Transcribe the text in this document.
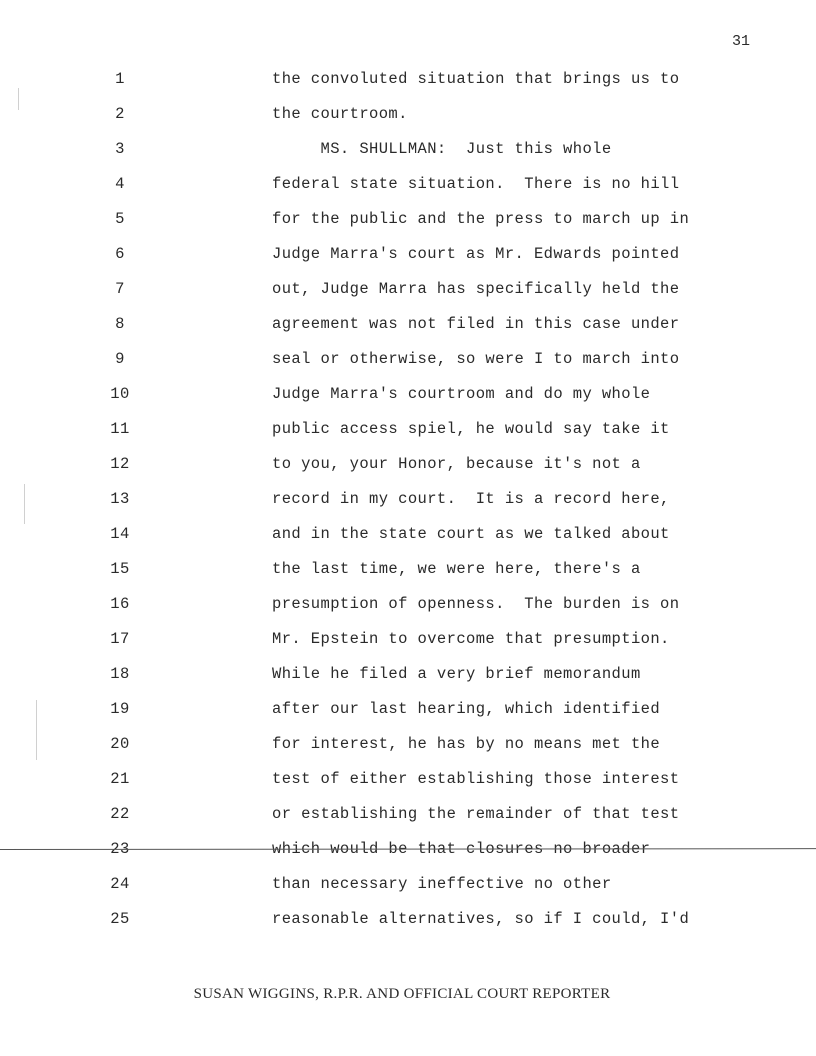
31
1	the convoluted situation that brings us to
2	the courtroom.
3	MS. SHULLMAN:  Just this whole
4	federal state situation.  There is no hill
5	for the public and the press to march up in
6	Judge Marra's court as Mr. Edwards pointed
7	out, Judge Marra has specifically held the
8	agreement was not filed in this case under
9	seal or otherwise, so were I to march into
10	Judge Marra's courtroom and do my whole
11	public access spiel, he would say take it
12	to you, your Honor, because it's not a
13	record in my court.  It is a record here,
14	and in the state court as we talked about
15	the last time, we were here, there's a
16	presumption of openness.  The burden is on
17	Mr. Epstein to overcome that presumption.
18	While he filed a very brief memorandum
19	after our last hearing, which identified
20	for interest, he has by no means met the
21	test of either establishing those interest
22	or establishing the remainder of that test
23	which would be that closures no broader
24	than necessary ineffective no other
25	reasonable alternatives, so if I could, I'd
SUSAN WIGGINS, R.P.R. AND OFFICIAL COURT REPORTER
